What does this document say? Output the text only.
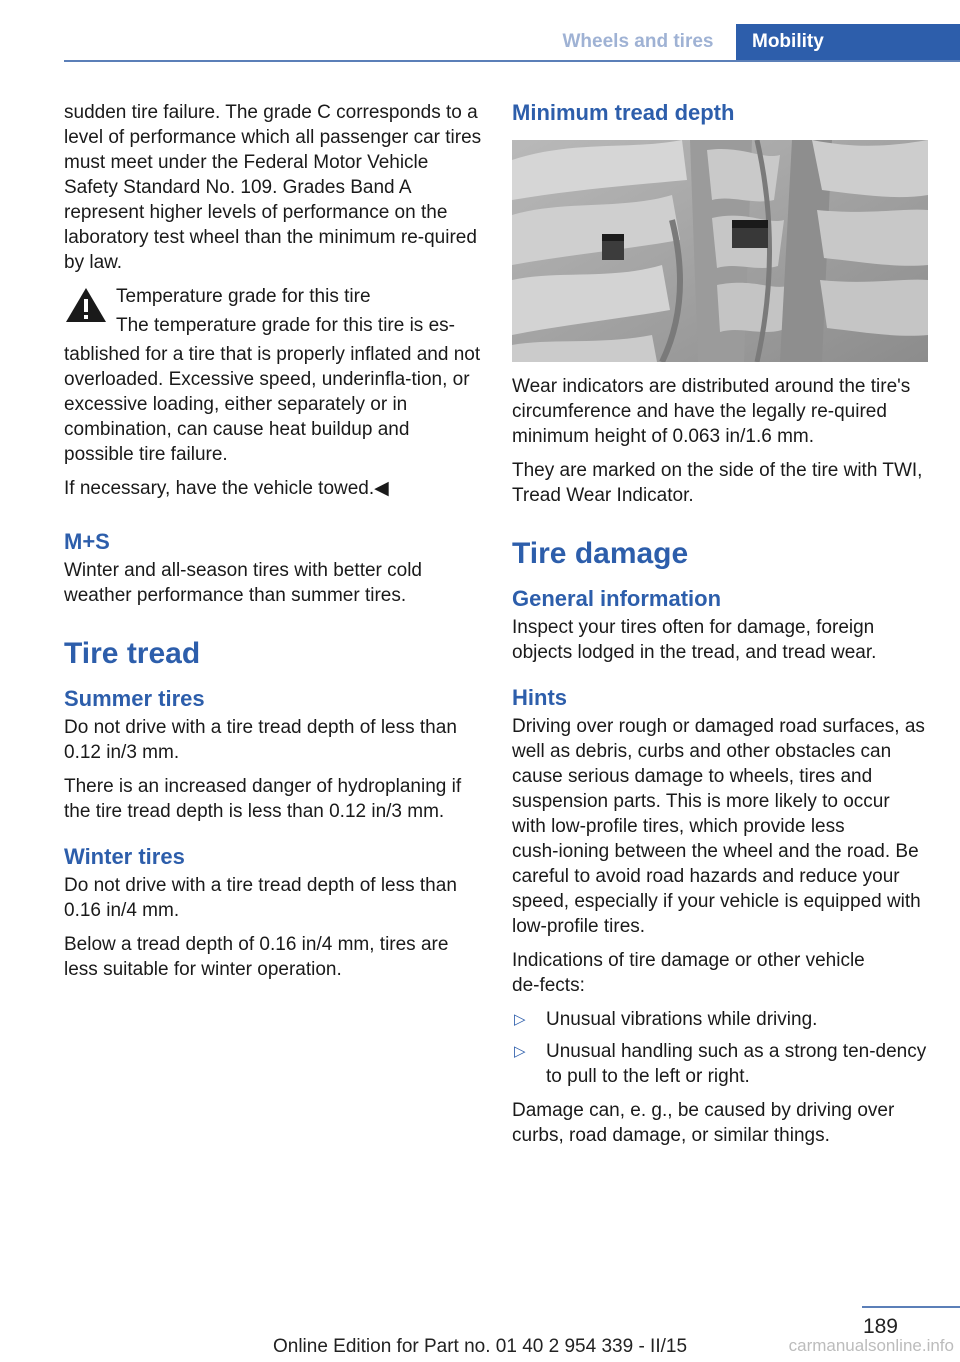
Wheels and tires	Mobility

sudden tire failure. The grade C corresponds to a level of performance which all passenger car tires must meet under the Federal Motor Vehicle Safety Standard No. 109. Grades Band A represent higher levels of performance on the laboratory test wheel than the minimum re‑quired by law.

Temperature grade for this tire

The temperature grade for this tire is es‑

tablished for a tire that is properly inflated and not overloaded. Excessive speed, underinfla‑tion, or excessive loading, either separately or in combination, can cause heat buildup and possible tire failure.

If necessary, have the vehicle towed.◀

M+S

Winter and all-season tires with better cold weather performance than summer tires.

Tire tread
Summer tires

Do not drive with a tire tread depth of less than 0.12 in/3 mm.

There is an increased danger of hydroplaning if the tire tread depth is less than 0.12 in/3 mm.

Winter tires

Do not drive with a tire tread depth of less than 0.16 in/4 mm.

Below a tread depth of 0.16 in/4 mm, tires are less suitable for winter operation.

Minimum tread depth

Wear indicators are distributed around the tire's circumference and have the legally re‑quired minimum height of 0.063 in/1.6 mm.

They are marked on the side of the tire with TWI, Tread Wear Indicator.

Tire damage
General information

Inspect your tires often for damage, foreign objects lodged in the tread, and tread wear.

Hints

Driving over rough or damaged road surfaces, as well as debris, curbs and other obstacles can cause serious damage to wheels, tires and suspension parts. This is more likely to occur with low-profile tires, which provide less cush‑ioning between the wheel and the road. Be careful to avoid road hazards and reduce your speed, especially if your vehicle is equipped with low-profile tires.

Indications of tire damage or other vehicle de‑fects:

▷ Unusual vibrations while driving.
▷ Unusual handling such as a strong ten‑dency to pull to the left or right.

Damage can, e. g., be caused by driving over curbs, road damage, or similar things.

189
Online Edition for Part no. 01 40 2 954 339 - II/15	carmanualsonline.info
